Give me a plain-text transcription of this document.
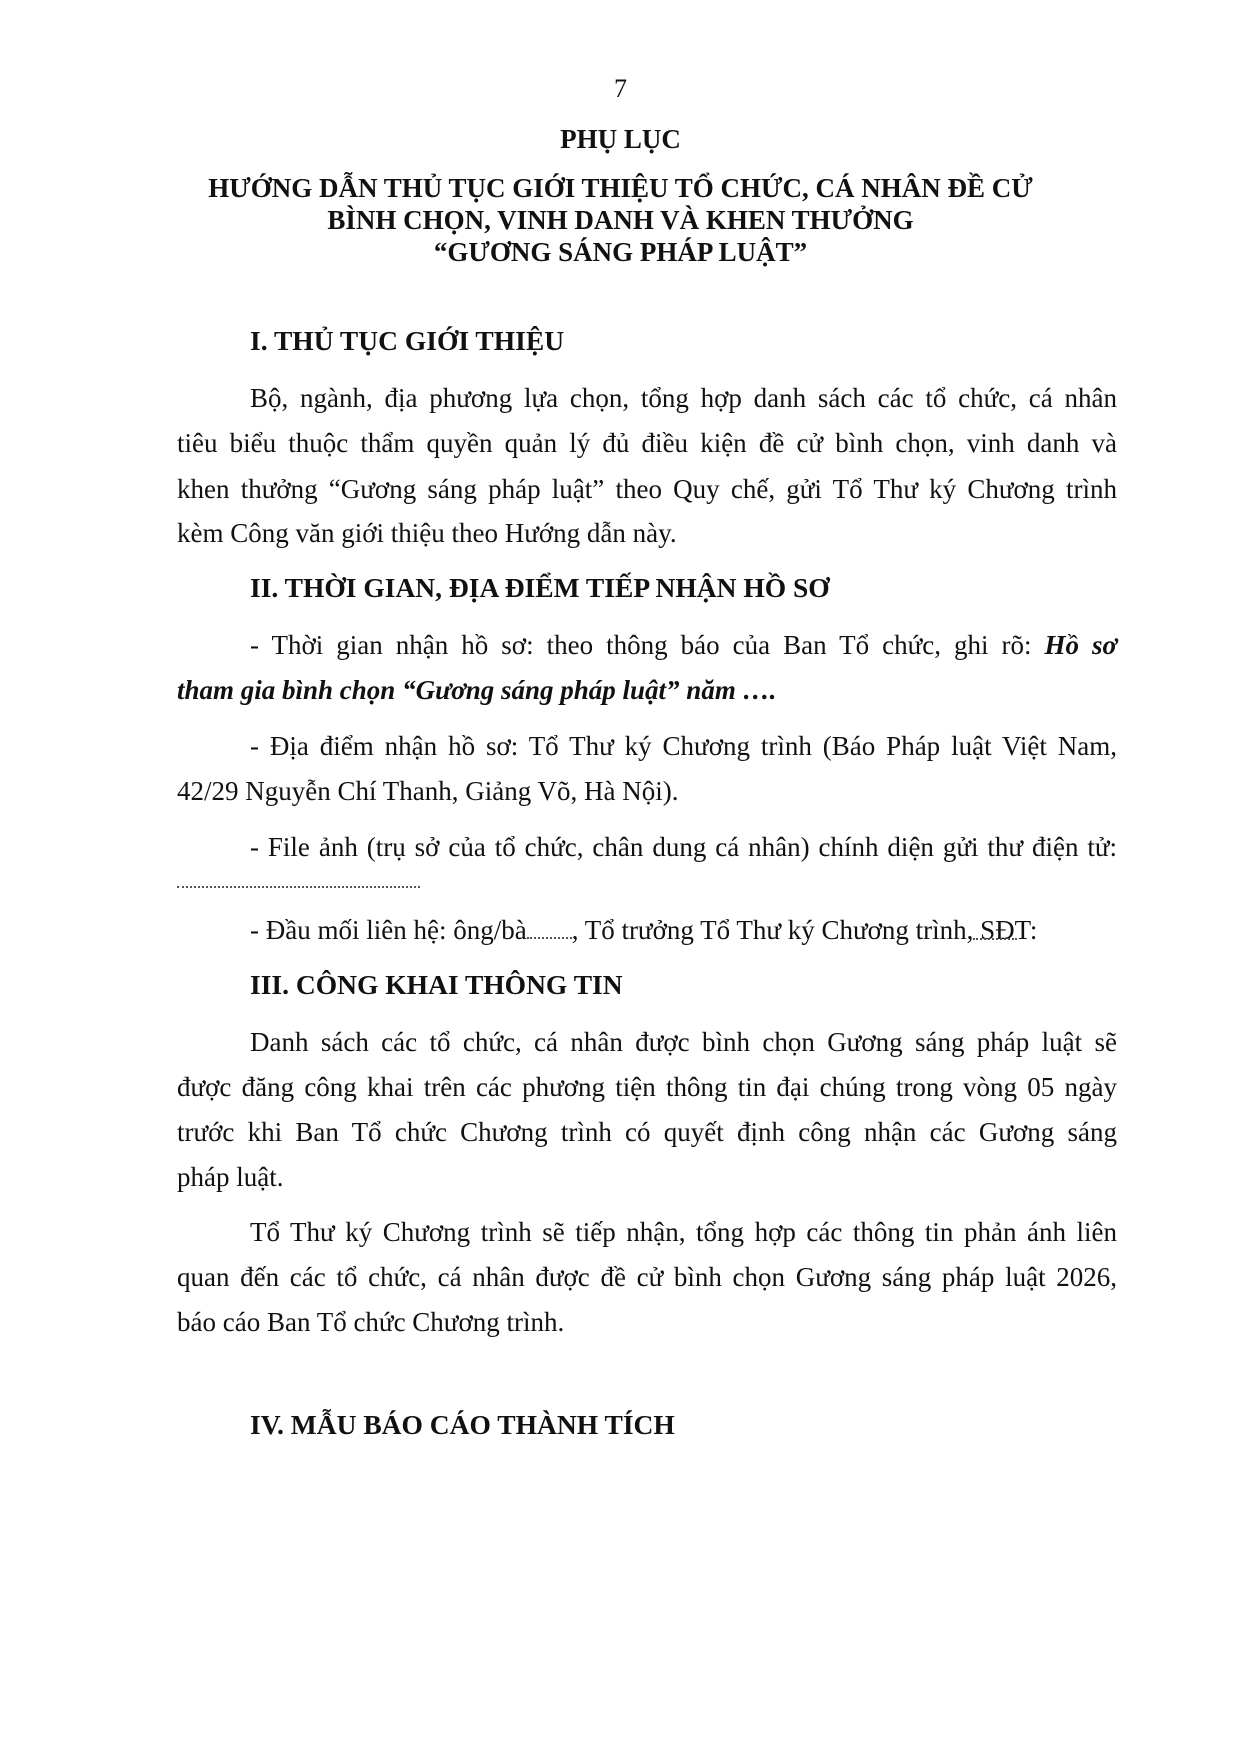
7
PHỤ LỤC
HƯỚNG DẪN THỦ TỤC GIỚI THIỆU TỔ CHỨC, CÁ NHÂN ĐỀ CỬ
BÌNH CHỌN, VINH DANH VÀ KHEN THƯỞNG
“GƯƠNG SÁNG PHÁP LUẬT”
I. THỦ TỤC GIỚI THIỆU
Bộ, ngành, địa phương lựa chọn, tổng hợp danh sách các tổ chức, cá nhân
tiêu biểu thuộc thẩm quyền quản lý đủ điều kiện đề cử bình chọn, vinh danh và
khen thưởng “Gương sáng pháp luật” theo Quy chế, gửi Tổ Thư ký Chương trình
kèm Công văn giới thiệu theo Hướng dẫn này.
II. THỜI GIAN, ĐỊA ĐIỂM TIẾP NHẬN HỒ SƠ
- Thời gian nhận hồ sơ: theo thông báo của Ban Tổ chức, ghi rõ: Hồ sơ
tham gia bình chọn “Gương sáng pháp luật” năm ….
- Địa điểm nhận hồ sơ: Tổ Thư ký Chương trình (Báo Pháp luật Việt Nam,
42/29 Nguyễn Chí Thanh, Giảng Võ, Hà Nội).
- File ảnh (trụ sở của tổ chức, chân dung cá nhân) chính diện gửi thư điện tử:
- Đầu mối liên hệ: ông/bà , Tổ trưởng Tổ Thư ký Chương trình, SĐT:
III. CÔNG KHAI THÔNG TIN
Danh sách các tổ chức, cá nhân được bình chọn Gương sáng pháp luật sẽ
được đăng công khai trên các phương tiện thông tin đại chúng trong vòng 05 ngày
trước khi Ban Tổ chức Chương trình có quyết định công nhận các Gương sáng
pháp luật.
Tổ Thư ký Chương trình sẽ tiếp nhận, tổng hợp các thông tin phản ánh liên
quan đến các tổ chức, cá nhân được đề cử bình chọn Gương sáng pháp luật 2026,
báo cáo Ban Tổ chức Chương trình.
IV. MẪU BÁO CÁO THÀNH TÍCH
